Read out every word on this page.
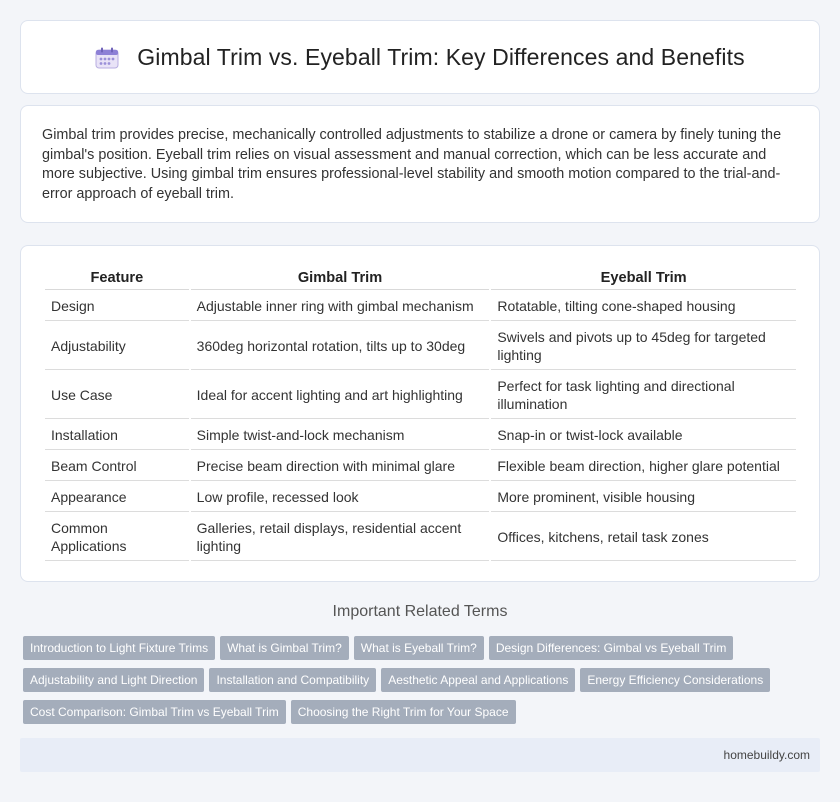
Gimbal Trim vs. Eyeball Trim: Key Differences and Benefits

Gimbal trim provides precise, mechanically controlled adjustments to stabilize a drone or camera by finely tuning the gimbal's position. Eyeball trim relies on visual assessment and manual correction, which can be less accurate and more subjective. Using gimbal trim ensures professional-level stability and smooth motion compared to the trial-and-error approach of eyeball trim.

Feature	Gimbal Trim	Eyeball Trim
Design	Adjustable inner ring with gimbal mechanism	Rotatable, tilting cone-shaped housing
Adjustability	360deg horizontal rotation, tilts up to 30deg	Swivels and pivots up to 45deg for targeted lighting
Use Case	Ideal for accent lighting and art highlighting	Perfect for task lighting and directional illumination
Installation	Simple twist-and-lock mechanism	Snap-in or twist-lock available
Beam Control	Precise beam direction with minimal glare	Flexible beam direction, higher glare potential
Appearance	Low profile, recessed look	More prominent, visible housing
Common Applications	Galleries, retail displays, residential accent lighting	Offices, kitchens, retail task zones
Important Related Terms
Introduction to Light Fixture Trims What is Gimbal Trim? What is Eyeball Trim? Design Differences: Gimbal vs Eyeball Trim
Adjustability and Light Direction Installation and Compatibility Aesthetic Appeal and Applications Energy Efficiency Considerations
Cost Comparison: Gimbal Trim vs Eyeball Trim Choosing the Right Trim for Your Space
homebuildy.com
